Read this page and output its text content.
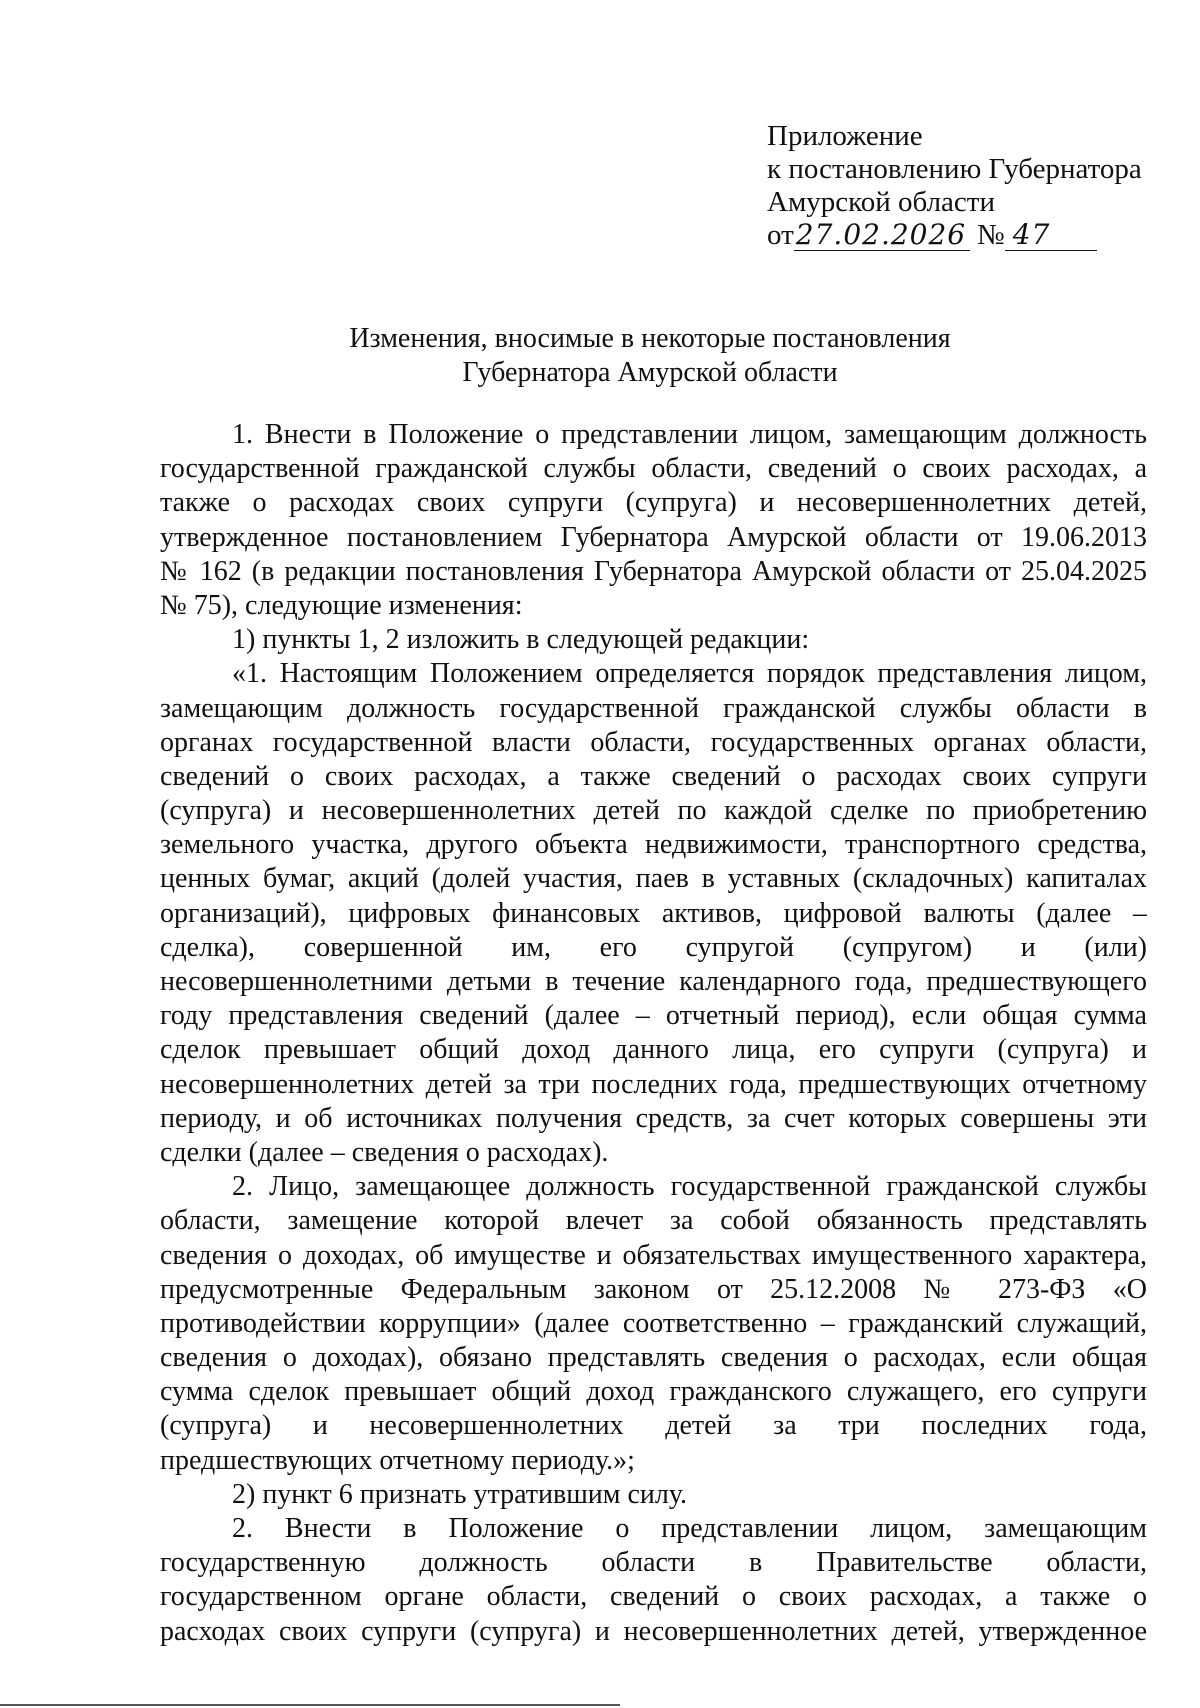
Приложение
к постановлению Губернатора
Амурской области
от27.02.2026 № 47
Изменения, вносимые в некоторые постановления
Губернатора Амурской области
1. Внести в Положение о представлении лицом, замещающим должность
государственной гражданской службы области, сведений о своих расходах, а
также о расходах своих супруги (супруга) и несовершеннолетних детей,
утвержденное постановлением Губернатора Амурской области от 19.06.2013
№ 162 (в редакции постановления Губернатора Амурской области от 25.04.2025
№ 75), следующие изменения:
1) пункты 1, 2 изложить в следующей редакции:
«1. Настоящим Положением определяется порядок представления лицом,
замещающим должность государственной гражданской службы области в
органах государственной власти области, государственных органах области,
сведений о своих расходах, а также сведений о расходах своих супруги
(супруга) и несовершеннолетних детей по каждой сделке по приобретению
земельного участка, другого объекта недвижимости, транспортного средства,
ценных бумаг, акций (долей участия, паев в уставных (складочных) капиталах
организаций), цифровых финансовых активов, цифровой валюты (далее –
сделка), совершенной им, его супругой (супругом) и (или)
несовершеннолетними детьми в течение календарного года, предшествующего
году представления сведений (далее – отчетный период), если общая сумма
сделок превышает общий доход данного лица, его супруги (супруга) и
несовершеннолетних детей за три последних года, предшествующих отчетному
периоду, и об источниках получения средств, за счет которых совершены эти
сделки (далее – сведения о расходах).
2. Лицо, замещающее должность государственной гражданской службы
области, замещение которой влечет за собой обязанность представлять
сведения о доходах, об имуществе и обязательствах имущественного характера,
предусмотренные Федеральным законом от 25.12.2008 № 273-ФЗ «О
противодействии коррупции» (далее соответственно – гражданский служащий,
сведения о доходах), обязано представлять сведения о расходах, если общая
сумма сделок превышает общий доход гражданского служащего, его супруги
(супруга) и несовершеннолетних детей за три последних года,
предшествующих отчетному периоду.»;
2) пункт 6 признать утратившим силу.
2. Внести в Положение о представлении лицом, замещающим
государственную должность области в Правительстве области,
государственном органе области, сведений о своих расходах, а также о
расходах своих супруги (супруга) и несовершеннолетних детей, утвержденное
